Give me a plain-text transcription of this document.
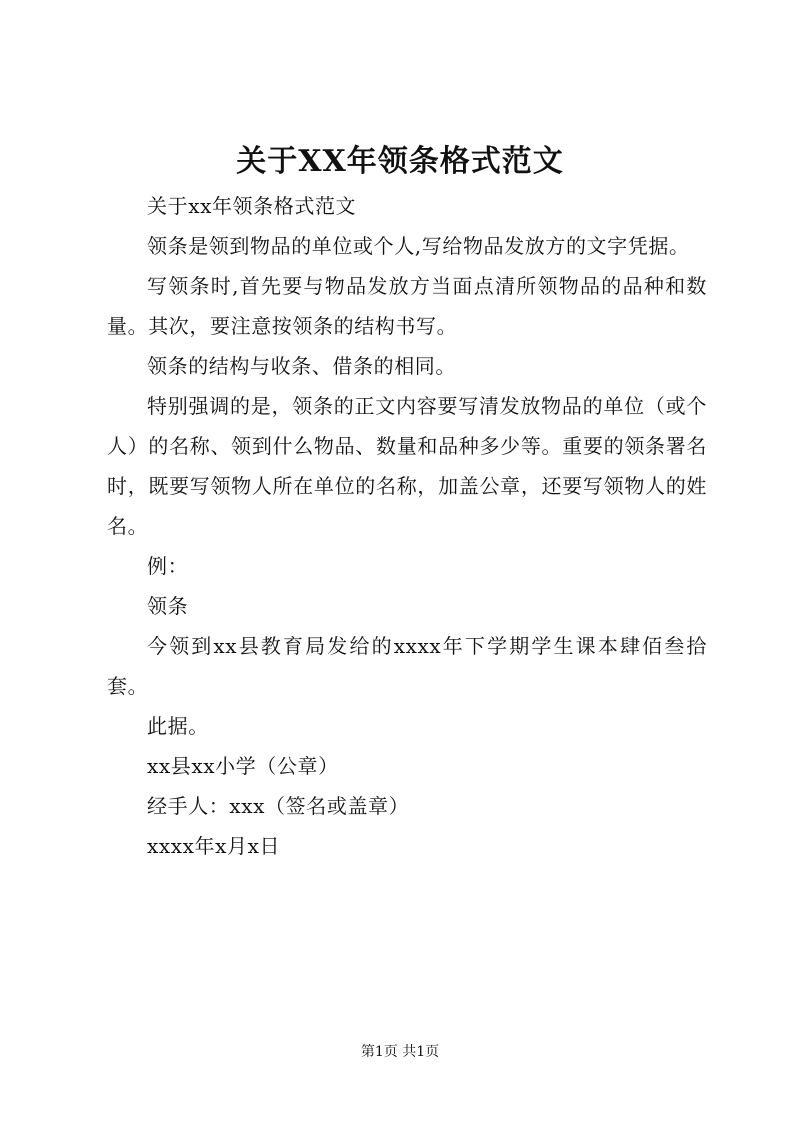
关于XX年领条格式范文

关于xx年领条格式范文

领条是领到物品的单位或个人,写给物品发放方的文字凭据。

写领条时,首先要与物品发放方当面点清所领物品的品种和数量。其次，要注意按领条的结构书写。

领条的结构与收条、借条的相同。

特别强调的是，领条的正文内容要写清发放物品的单位（或个人）的名称、领到什么物品、数量和品种多少等。重要的领条署名时，既要写领物人所在单位的名称，加盖公章，还要写领物人的姓名。

例：

领条

今领到xx县教育局发给的xxxx年下学期学生课本肆佰叁拾套。

此据。

xx县xx小学（公章）

经手人：xxx（签名或盖章）

xxxx年x月x日

第1页 共1页
